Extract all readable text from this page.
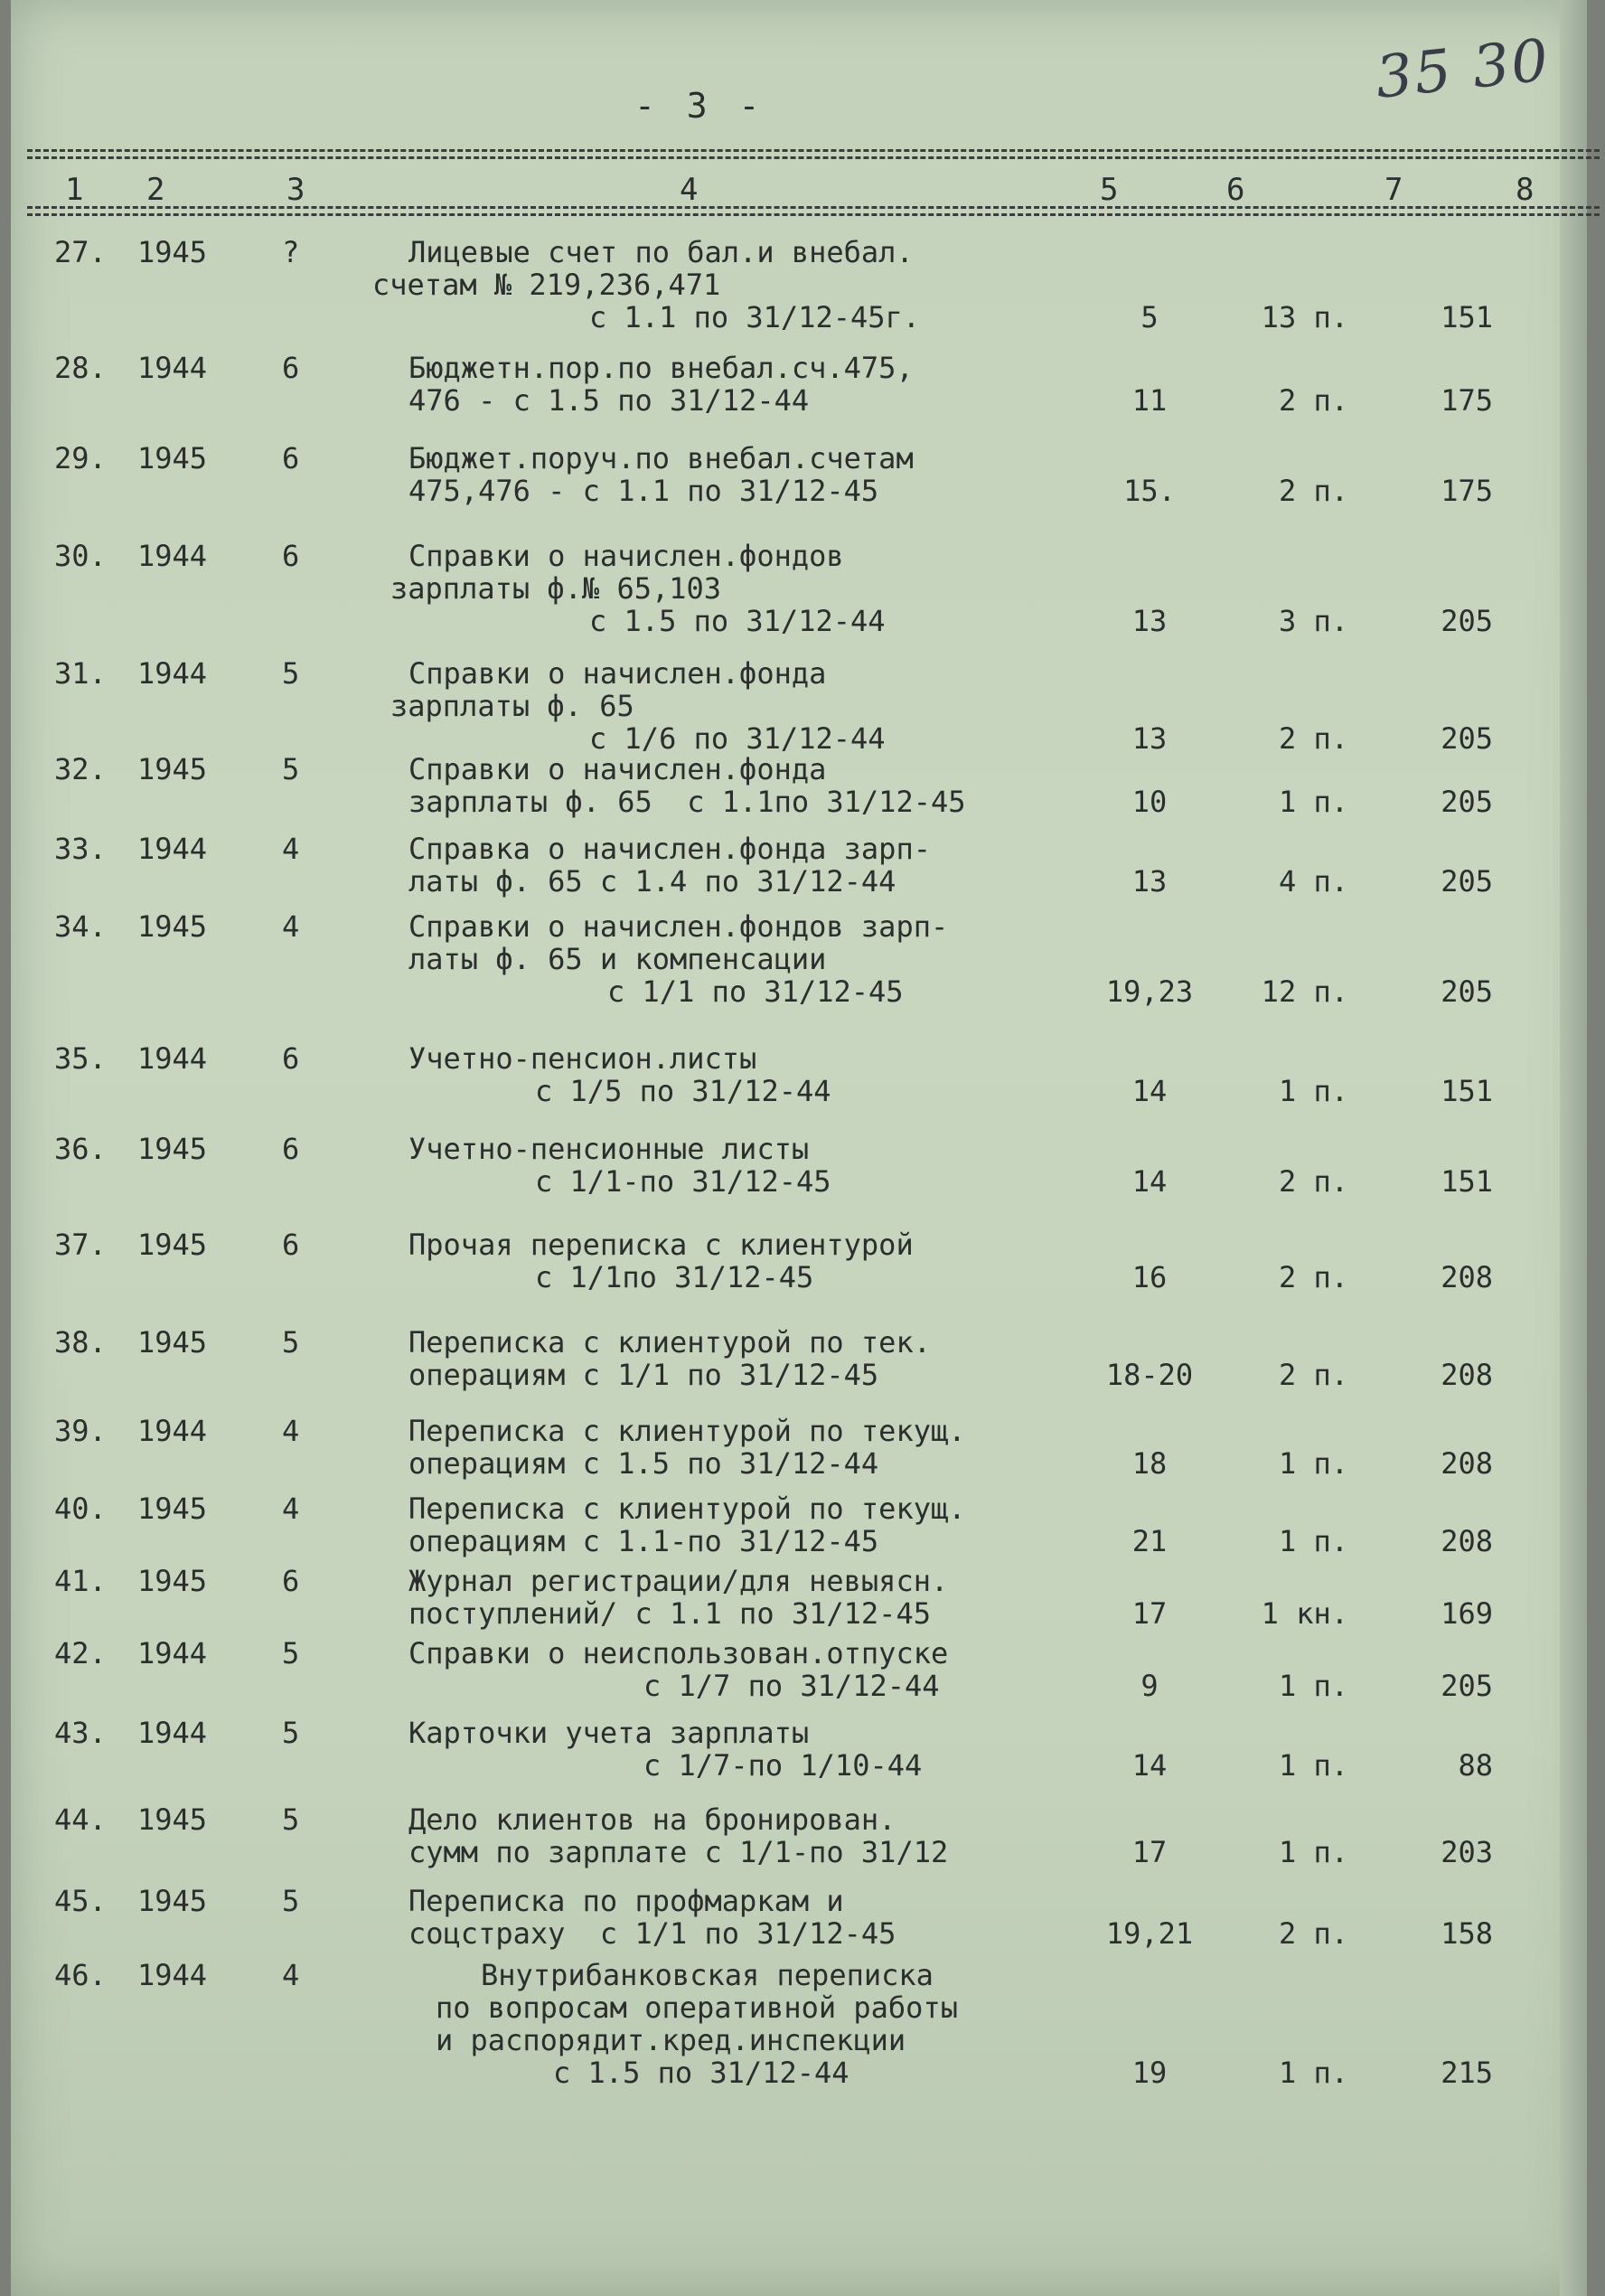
- 3 -	35 30
1 2	3	4	5	6	7	8
27. 1945	?	Лицевые счет по бал.и внебал.
счетам № 219,236,471
с 1.1 по 31/12-45г.	5	13 п.	151
28. 1944	6	Бюджетн.пор.по внебал.сч.475,
476 - с 1.5 по 31/12-44	11	2 п.	175
29. 1945	6	Бюджет.поруч.по внебал.счетам
475,476 - с 1.1 по 31/12-45	15.	2 п.	175
30. 1944	6	Справки о начислен.фондов
зарплаты ф.№ 65,103
с 1.5 по 31/12-44	13	3 п.	205
31. 1944	5	Справки о начислен.фонда
зарплаты ф. 65
с 1/6 по 31/12-44	13	2 п.	205
32. 1945	5	Справки о начислен.фонда
зарплаты ф. 65  с 1.1по 31/12-45	10	1 п.	205
33. 1944	4	Справка о начислен.фонда зарп-
латы ф. 65 с 1.4 по 31/12-44	13	4 п.	205
34. 1945	4	Справки о начислен.фондов зарп-
латы ф. 65 и компенсации
с 1/1 по 31/12-45	19,23	12 п.	205
35. 1944	6	Учетно-пенсион.листы
с 1/5 по 31/12-44	14	1 п.	151
36. 1945	6	Учетно-пенсионные листы
с 1/1-по 31/12-45	14	2 п.	151
37. 1945	6	Прочая переписка с клиентурой
с 1/1по 31/12-45	16	2 п.	208
38. 1945	5	Переписка с клиентурой по тек.
операциям с 1/1 по 31/12-45	18-20	2 п.	208
39. 1944	4	Переписка с клиентурой по текущ.
операциям с 1.5 по 31/12-44	18	1 п.	208
40. 1945	4	Переписка с клиентурой по текущ.
операциям с 1.1-по 31/12-45	21	1 п.	208
41. 1945	6	Журнал регистрации/для невыясн.
поступлений/ с 1.1 по 31/12-45	17	1 кн.	169
42. 1944	5	Справки о неиспользован.отпуске
с 1/7 по 31/12-44	9	1 п.	205
43. 1944	5	Карточки учета зарплаты
с 1/7-по 1/10-44	14	1 п.	88
44. 1945	5	Дело клиентов на бронирован.
сумм по зарплате с 1/1-по 31/12	17	1 п.	203
45. 1945	5	Переписка по профмаркам и
соцстраху  с 1/1 по 31/12-45	19,21	2 п.	158
46. 1944	4	Внутрибанковская переписка
по вопросам оперативной работы
и распорядит.кред.инспекции
с 1.5 по 31/12-44	19	1 п.	215
